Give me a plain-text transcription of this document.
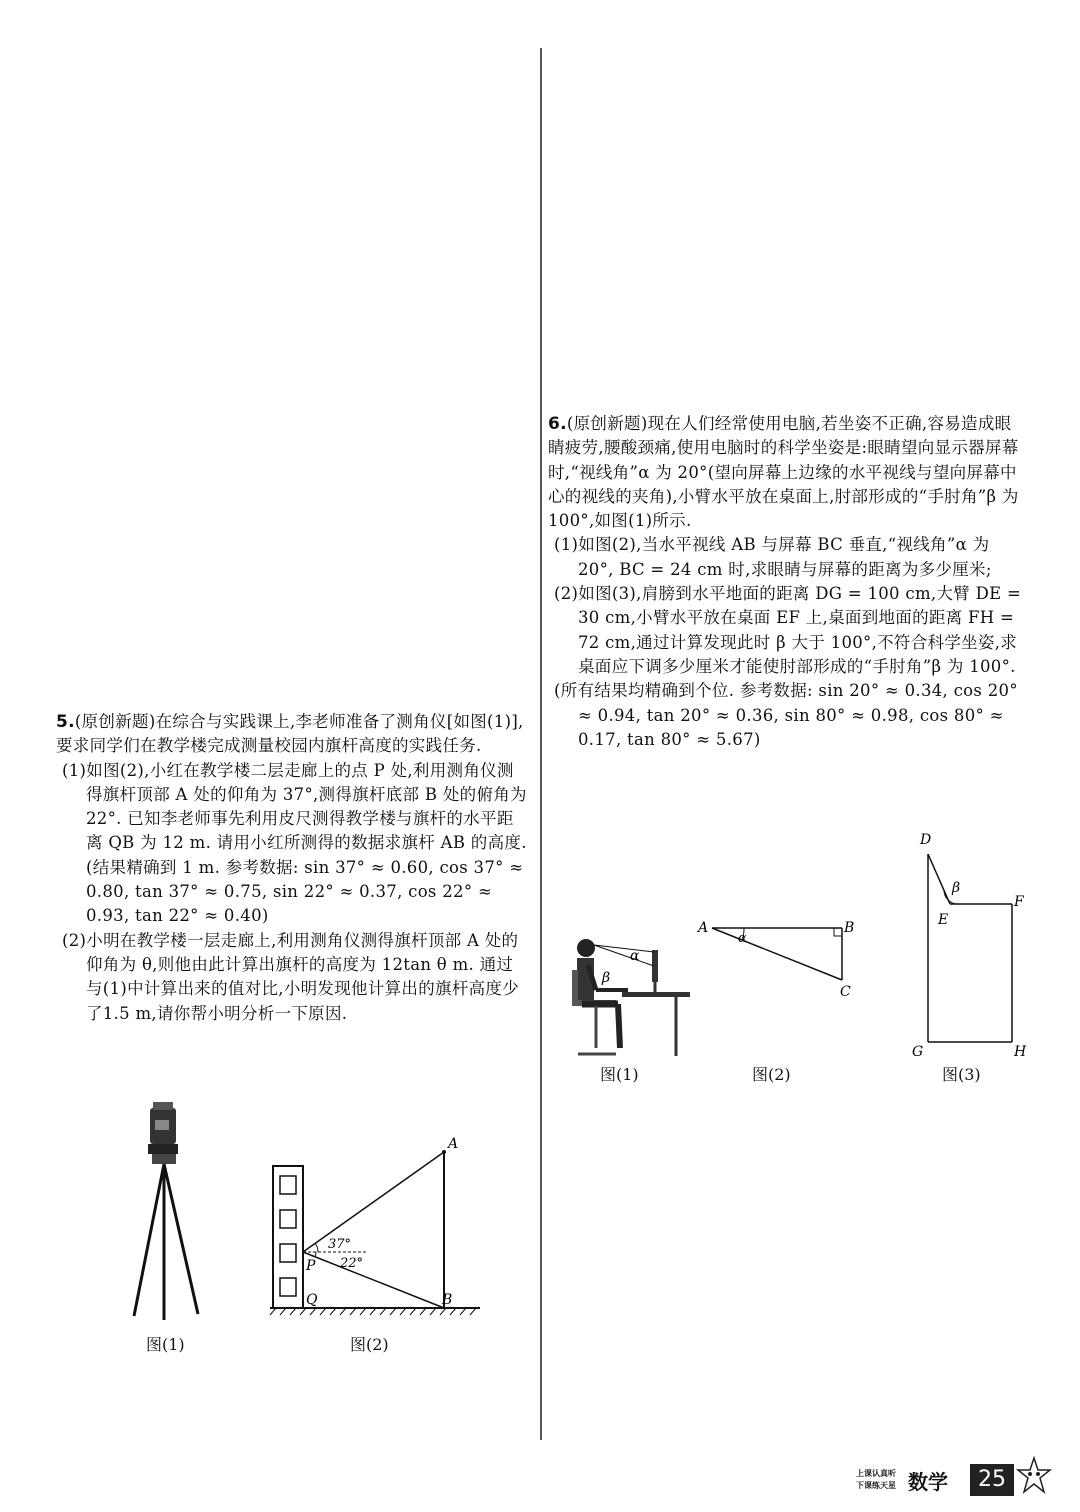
5.(原创新题)在综合与实践课上,李老师准备了测角仪[如图(1)],要求同学们在教学楼完成测量校园内旗杆高度的实践任务.

(1)如图(2),小红在教学楼二层走廊上的点 P 处,利用测角仪测得旗杆顶部 A 处的仰角为 37°,测得旗杆底部 B 处的俯角为 22°. 已知李老师事先利用皮尺测得教学楼与旗杆的水平距离 QB 为 12 m. 请用小红所测得的数据求旗杆 AB 的高度. (结果精确到 1 m. 参考数据: sin 37° ≈ 0.60, cos 37° ≈ 0.80, tan 37° ≈ 0.75, sin 22° ≈ 0.37, cos 22° ≈ 0.93, tan 22° ≈ 0.40)

(2)小明在教学楼一层走廊上,利用测角仪测得旗杆顶部 A 处的仰角为 θ,则他由此计算出旗杆的高度为 12tan θ m. 通过与(1)中计算出来的值对比,小明发现他计算出的旗杆高度少了1.5 m,请你帮小明分析一下原因.

图(1)
A
B
P
Q
37°
22°
图(2)

6.(原创新题)现在人们经常使用电脑,若坐姿不正确,容易造成眼睛疲劳,腰酸颈痛,使用电脑时的科学坐姿是:眼睛望向显示器屏幕时,“视线角”α 为 20°(望向屏幕上边缘的水平视线与望向屏幕中心的视线的夹角),小臂水平放在桌面上,肘部形成的“手肘角”β 为 100°,如图(1)所示.

(1)如图(2),当水平视线 AB 与屏幕 BC 垂直,“视线角”α 为 20°, BC = 24 cm 时,求眼睛与屏幕的距离为多少厘米;

(2)如图(3),肩膀到水平地面的距离 DG = 100 cm,大臂 DE = 30 cm,小臂水平放在桌面 EF 上,桌面到地面的距离 FH = 72 cm,通过计算发现此时 β 大于 100°,不符合科学坐姿,求桌面应下调多少厘米才能使肘部形成的“手肘角”β 为 100°.

(所有结果均精确到个位. 参考数据: sin 20° ≈ 0.34, cos 20° ≈ 0.94, tan 20° ≈ 0.36, sin 80° ≈ 0.98, cos 80° ≈ 0.17, tan 80° ≈ 5.67)

α
β
图(1)
A	B
C
α
图(2)
D
E
F
G	H
β
图(3)
上课认真听
下课练天星 数学	25
